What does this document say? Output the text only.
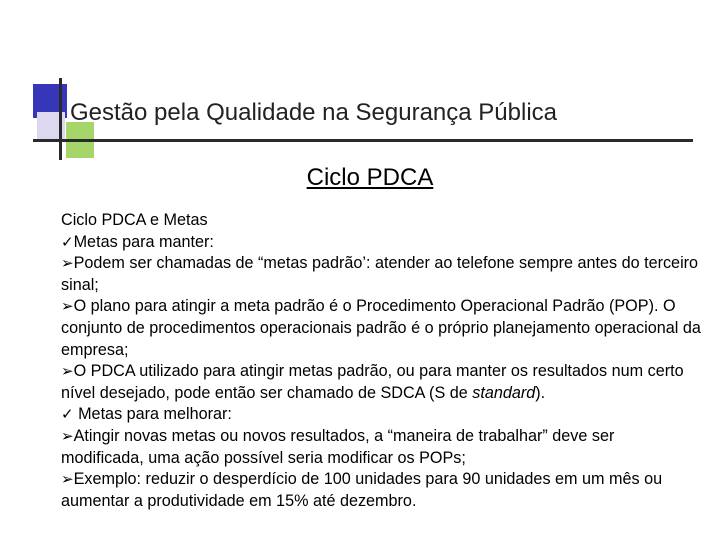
Gestão pela Qualidade na Segurança Pública
Ciclo PDCA

Ciclo PDCA e Metas

✓Metas para manter:

➢Podem ser chamadas de “metas padrão’: atender ao telefone sempre antes do terceiro sinal;

➢O plano para atingir a meta padrão é o Procedimento Operacional Padrão (POP). O conjunto de procedimentos operacionais padrão é o próprio planejamento operacional da empresa;

➢O PDCA utilizado para atingir metas padrão, ou para manter os resultados num certo nível desejado, pode então ser chamado de SDCA (S de standard).

✓ Metas para melhorar:

➢Atingir novas metas ou novos resultados, a “maneira de trabalhar” deve ser modificada, uma ação possível seria modificar os POPs;

➢Exemplo: reduzir o desperdício de 100 unidades para 90 unidades em um mês ou aumentar a produtividade em 15% até dezembro.
